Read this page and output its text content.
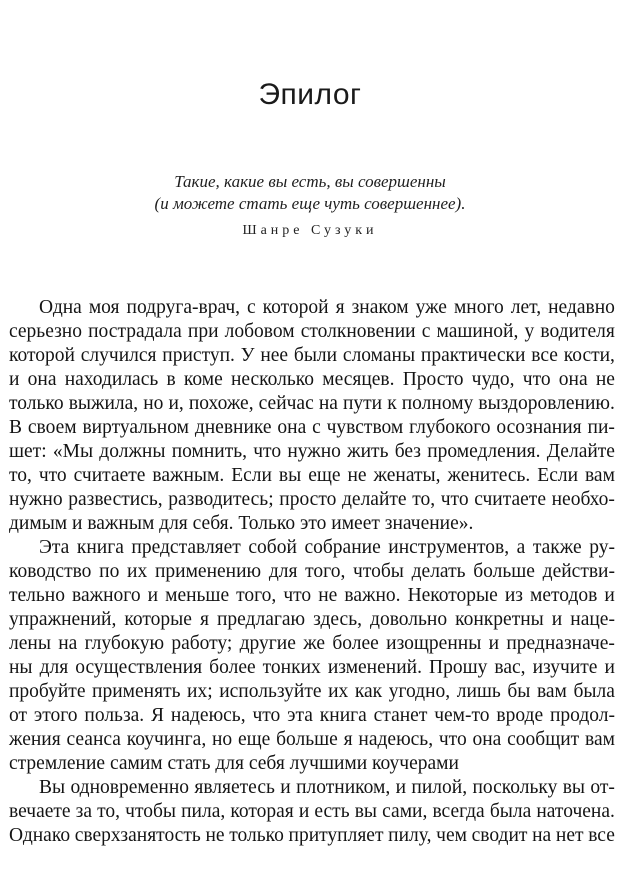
Эпилог
Такие, какие вы есть, вы совершенны
(и можете стать еще чуть совершеннее).
Шанре Сузуки
Одна моя подруга-врач, с которой я знаком уже много лет, недавно
серьезно пострадала при лобовом столкновении с машиной, у водителя
которой случился приступ. У нее были сломаны практически все кости,
и она находилась в коме несколько месяцев. Просто чудо, что она не
только выжила, но и, похоже, сейчас на пути к полному выздоровлению.
В своем виртуальном дневнике она с чувством глубокого осознания пи-
шет: «Мы должны помнить, что нужно жить без промедления. Делайте
то, что считаете важным. Если вы еще не женаты, женитесь. Если вам
нужно развестись, разводитесь; просто делайте то, что считаете необхо-
димым и важным для себя. Только это имеет значение».
Эта книга представляет собой собрание инструментов, а также ру-
ководство по их применению для того, чтобы делать больше действи-
тельно важного и меньше того, что не важно. Некоторые из методов и
упражнений, которые я предлагаю здесь, довольно конкретны и наце-
лены на глубокую работу; другие же более изощренны и предназначе-
ны для осуществления более тонких изменений. Прошу вас, изучите и
пробуйте применять их; используйте их как угодно, лишь бы вам была
от этого польза. Я надеюсь, что эта книга станет чем-то вроде продол-
жения сеанса коучинга, но еще больше я надеюсь, что она сообщит вам
стремление самим стать для себя лучшими коучерами
Вы одновременно являетесь и плотником, и пилой, поскольку вы от-
вечаете за то, чтобы пила, которая и есть вы сами, всегда была наточена.
Однако сверхзанятость не только притупляет пилу, чем сводит на нет все
